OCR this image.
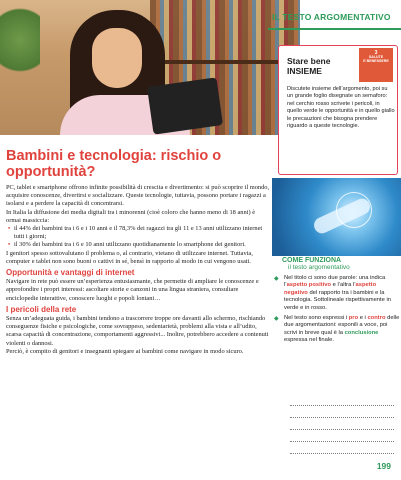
IL TESTO ARGOMENTATIVO
Stare bene
INSIEME
3
SALUTE
E BENESSERE
Discutete insieme dell’argomento, poi su un grande foglio disegnate un semaforo: nel cerchio rosso scrivete i pericoli, in quello verde le opportunità e in quello giallo le precauzioni che bisogna prendere riguardo a queste tecnologie.
Bambini e tecnologia: rischio o opportunità?

PC, tablet e smartphone offrono infinite possibilità di crescita e divertimento: si può scoprire il mondo, acquisire conoscenze, divertirsi e socializzare. Queste tecnologie, tuttavia, possono portare i ragazzi a isolarsi e a perdere la capacità di concentrarsi.

In Italia la diffusione dei media digitali tra i minorenni (cioè coloro che hanno meno di 18 anni) è ormai massiccia:

• il 44% dei bambini tra i 6 e i 10 anni e il 78,3% dei ragazzi tra gli 11 e 13 anni utilizzano internet tutti i giorni;
• il 30% dei bambini tra i 6 e 10 anni utilizzano quotidianamente lo smartphone dei genitori.

I genitori spesso sottovalutano il problema o, al contrario, vietano di utilizzare internet. Tuttavia, computer e tablet non sono buoni o cattivi in sé, bensì in rapporto al modo in cui vengono usati.

Opportunità e vantaggi di internet

Navigare in rete può essere un’esperienza entusiasmante, che permette di ampliare le conoscenze e approfondire i propri interessi: ascoltare storie e canzoni in una lingua straniera, consultare enciclopedie interattive, conoscere luoghi e popoli lontani…

I pericoli della rete

Senza un’adeguata guida, i bambini tendono a trascorrere troppe ore davanti allo schermo, rischiando conseguenze fisiche e psicologiche, come sovrappeso, sedentarietà, problemi alla vista e all’udito, scarsa capacità di concentrazione, comportamenti aggressivi... Inoltre, potrebbero accedere a contenuti violenti o dannosi.

Perciò, è compito di genitori e insegnanti spiegare ai bambini come navigare in modo sicuro.

COME FUNZIONA
il testo argomentativo
◆ Nel titolo ci sono due parole: una indica l’aspetto positivo e l’altra l’aspetto negativo del rapporto tra i bambini e la tecnologia. Sottolineale rispettivamente in verde e in rosso.
◆ Nel testo sono espressi i pro e i contro delle due argomentazioni: esponili a voce, poi scrivi in breve qual è la conclusione espressa nel finale.
199
